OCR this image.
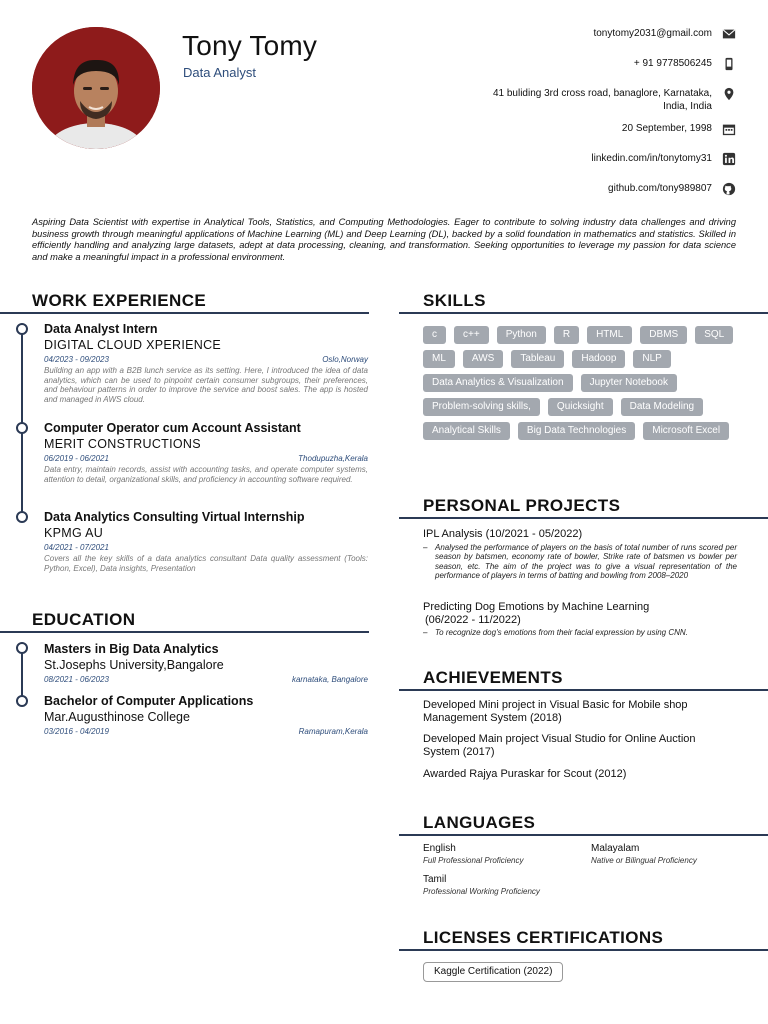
Tony Tomy
Data Analyst
tonytomy2031@gmail.com
+ 91 9778506245
41 buliding 3rd cross road, banaglore, Karnataka, India, India
20 September, 1998
linkedin.com/in/tonytomy31
github.com/tony989807

Aspiring Data Scientist with expertise in Analytical Tools, Statistics, and Computing Methodologies. Eager to contribute to solving industry data challenges and driving business growth through meaningful applications of Machine Learning (ML) and Deep Learning (DL), backed by a solid foundation in mathematics and statistics. Skilled in efficiently handling and analyzing large datasets, adept at data processing, cleaning, and transformation. Seeking opportunities to leverage my passion for data science and make a meaningful impact in a professional environment.

WORK EXPERIENCE
Data Analyst Intern
DIGITAL CLOUD XPERIENCE
04/2023 - 09/2023	Oslo,Norway
Building an app with a B2B lunch service as its setting. Here, I introduced the idea of data analytics, which can be used to pinpoint certain consumer subgroups, their preferences, and behaviour patterns in order to improve the service and boost sales. The app is hosted and managed in AWS cloud.
Computer Operator cum Account Assistant
MERIT CONSTRUCTIONS
06/2019 - 06/2021	Thodupuzha,Kerala
Data entry, maintain records, assist with accounting tasks, and operate computer systems, attention to detail, organizational skills, and proficiency in accounting software required.
Data Analytics Consulting Virtual Internship
KPMG AU
04/2021 - 07/2021
Covers all the key skills of a data analytics consultant Data quality assessment (Tools: Python, Excel), Data insights, Presentation
EDUCATION
Masters in Big Data Analytics
St.Josephs University,Bangalore
08/2021 - 06/2023	karnataka, Bangalore
Bachelor of Computer Applications
Mar.Augusthinose College
03/2016 - 04/2019	Ramapuram,Kerala
SKILLS
c	c++	Python	R	HTML	DBMS	SQL
ML	AWS	Tableau	Hadoop	NLP
Data Analytics & Visualization	Jupyter Notebook
Problem-solving skills,	Quicksight	Data Modeling
Analytical Skills	Big Data Technologies	Microsoft Excel
PERSONAL PROJECTS
IPL Analysis (10/2021 - 05/2022)
– Analysed the performance of players on the basis of total number of runs scored per season by batsmen, economy rate of bowler, Strike rate of batsmen vs bowler per season, etc. The aim of the project was to give a visual representation of the performance of players in terms of batting and bowling from 2008–2020
Predicting Dog Emotions by Machine Learning
(06/2022 - 11/2022)
– To recognize dog's emotions from their facial expression by using CNN.
ACHIEVEMENTS
Developed Mini project in Visual Basic for Mobile shop Management System (2018)
Developed Main project Visual Studio for Online Auction System (2017)
Awarded Rajya Puraskar for Scout (2012)
LANGUAGES
English
Full Professional Proficiency
Malayalam
Native or Bilingual Proficiency
Tamil
Professional Working Proficiency
LICENSES CERTIFICATIONS
Kaggle Certification (2022)
